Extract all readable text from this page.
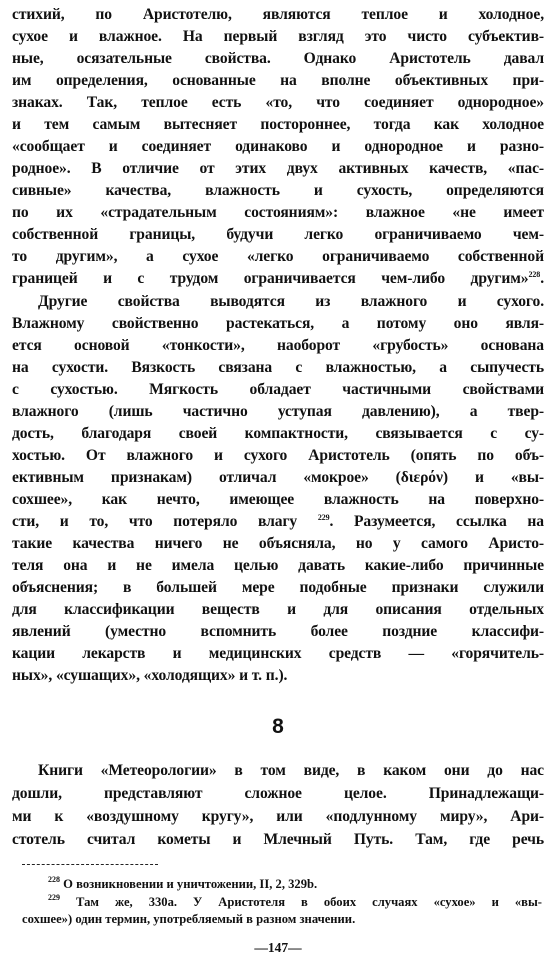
стихий, по Аристотелю, являются теплое и холодное,
сухое и влажное. На первый взгляд это чисто субъектив-
ные, осязательные свойства. Однако Аристотель давал
им определения, основанные на вполне объективных при-
знаках. Так, теплое есть «то, что соединяет однородное»
и тем самым вытесняет постороннее, тогда как холодное
«сообщает и соединяет одинаково и однородное и разно-
родное». В отличие от этих двух активных качеств, «пас-
сивные» качества, влажность и сухость, определяются
по их «страдательным состояниям»: влажное «не имеет
собственной границы, будучи легко ограничиваемо чем-
то другим», а сухое «легко ограничиваемо собственной
границей и с трудом ограничивается чем-либо другим»$^{228}$.
Другие свойства выводятся из влажного и сухого.
Влажному свойственно растекаться, а потому оно явля-
ется основой «тонкости», наоборот «грубость» основана
на сухости. Вязкость связана с влажностью, а сыпучесть
с сухостью. Мягкость обладает частичными свойствами
влажного (лишь частично уступая давлению), а твер-
дость, благодаря своей компактности, связывается с су-
хостью. От влажного и сухого Аристотель (опять по объ-
ективным признакам) отличал «мокрое» (διερόν) и «вы-
сохшее», как нечто, имеющее влажность на поверхно-
сти, и то, что потеряло влагу	$^{229}$. Разумеется, ссылка на
такие качества ничего не объясняла, но у самого Аристо-
теля она и не имела целью давать какие-либо причинные
объяснения; в большей мере подобные признаки служили
для классификации веществ и для описания отдельных
явлений (уместно вспомнить более поздние классифи-
кации лекарств и медицинских средств — «горячитель-
ных», «сушащих», «холодящих» и т. п.).
8
Книги «Метеорологии» в том виде, в каком они до нас
дошли, представляют сложное целое. Принадлежащи-
ми к «воздушному кругу», или «подлунному миру», Ари-
стотель считал кометы и Млечный Путь. Там, где речь
$^{228}$ О возникновении и уничтожении, II, 2, 329b.
$^{229}$ Там же, 330a. У Аристотеля в обоих случаях «сухое» и «вы-
сохшее») один термин, употребляемый в разном значении.
—147—
